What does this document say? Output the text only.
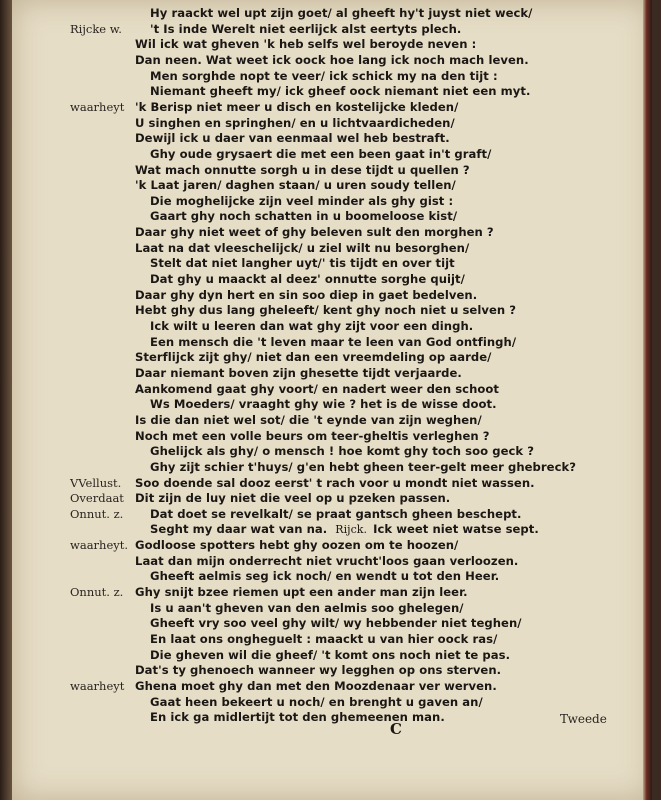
Hy raackt wel upt zijn goet/ al gheeft hy't juyst niet weck/
Rijcke w. 't Is inde Werelt niet eerlijck alst eertyts plech.
Wil ick wat gheven 'k heb selfs wel beroyde neven :
Dan neen. Wat weet ick oock hoe lang ick noch mach leven.
Men sorghde nopt te veer/ ick schick my na den tijt :
Niemant gheeft my/ ick gheef oock niemant niet een myt.
waarheyt 'k Berisp niet meer u disch en kostelijcke kleden/
U singhen en springhen/ en u lichtvaardicheden/
Dewijl ick u daer van eenmaal wel heb bestraft.
Ghy oude grysaert die met een been gaat in't graft/
Wat mach onnutte sorgh u in dese tijdt u quellen ?
'k Laat jaren/ daghen staan/ u uren soudy tellen/
Die moghelijcke zijn veel minder als ghy gist :
Gaart ghy noch schatten in u boomeloose kist/
Daar ghy niet weet of ghy beleven sult den morghen ?
Laat na dat vleeschelijck/ u ziel wilt nu besorghen/
Stelt dat niet langher uyt/' tis tijdt en over tijt
Dat ghy u maackt al deez' onnutte sorghe quijt/
Daar ghy dyn hert en sin soo diep in gaet bedelven.
Hebt ghy dus lang gheleeft/ kent ghy noch niet u selven ?
Ick wilt u leeren dan wat ghy zijt voor een dingh.
Een mensch die 't leven maar te leen van God ontfingh/
Sterflijck zijt ghy/ niet dan een vreemdeling op aarde/
Daar niemant boven zijn ghesette tijdt verjaarde.
Aankomend gaat ghy voort/ en nadert weer den schoot
Ws Moeders/ vraaght ghy wie ? het is de wisse doot.
Is die dan niet wel sot/ die 't eynde van zijn weghen/
Noch met een volle beurs om teer-gheltis verleghen ?
Ghelijck als ghy/ o mensch ! hoe komt ghy toch soo geck ?
Ghy zijt schier t'huys/ g'en hebt gheen teer-gelt meer ghebreck?
VVellust. Soo doende sal dooz eerst' t rach voor u mondt niet wassen.
Overdaat Dit zijn de luy niet die veel op u pzeken passen.
Onnut. z. Dat doet se revelkalt/ se praat gantsch gheen beschept.
Seght my daar wat van na. Rijck. Ick weet niet watse sept.
waarheyt. Godloose spotters hebt ghy oozen om te hoozen/
Laat dan mijn onderrecht niet vrucht'loos gaan verloozen.
Gheeft aelmis seg ick noch/ en wendt u tot den Heer.
Onnut. z. Ghy snijt bzee riemen upt een ander man zijn leer.
Is u aan't gheven van den aelmis soo ghelegen/
Gheeft vry soo veel ghy wilt/ wy hebbender niet teghen/
En laat ons ongheguelt : maackt u van hier oock ras/
Die gheven wil die gheef/ 't komt ons noch niet te pas.
Dat's ty ghenoech wanneer wy legghen op ons sterven.
waarheyt Ghena moet ghy dan met den Moozdenaar ver werven.
Gaat heen bekeert u noch/ en brenght u gaven an/
En ick ga midlertijt tot den ghemeenen man.
C
Tweede
